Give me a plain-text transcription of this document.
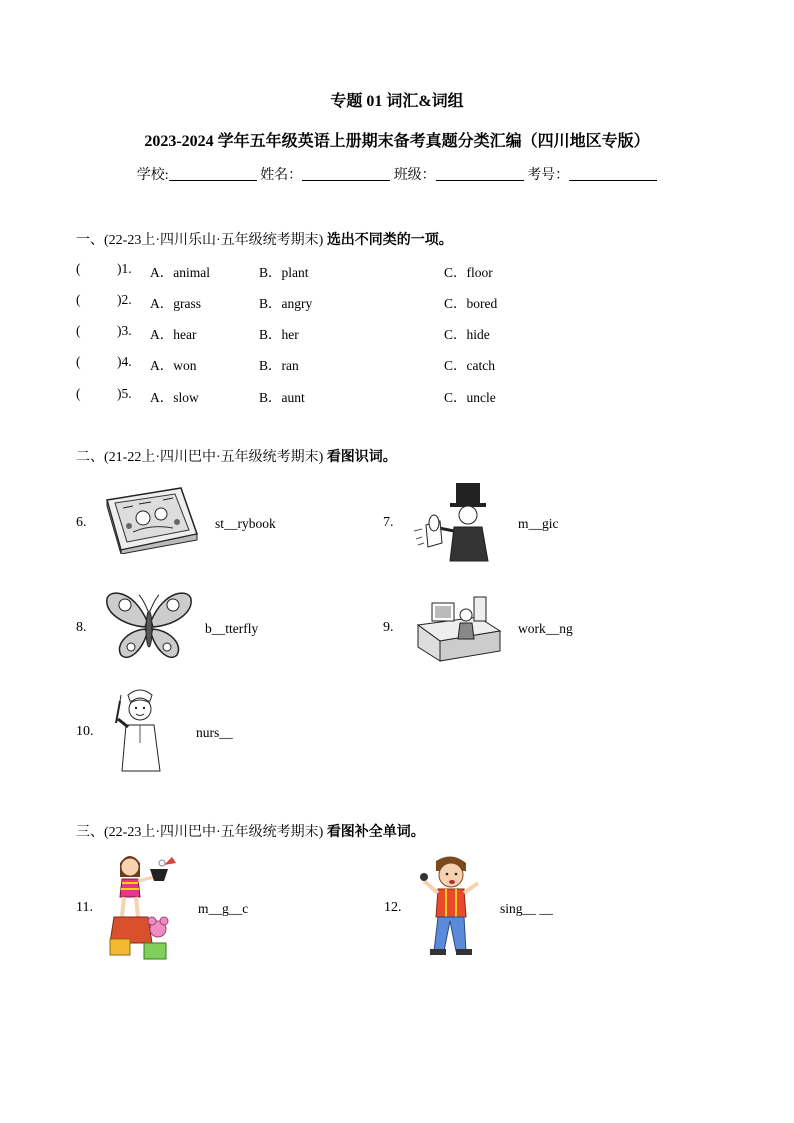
专题 01 词汇&词组
2023-2024 学年五年级英语上册期末备考真题分类汇编（四川地区专版）
学校:	姓名：	班级：	考号：
一、(22-23上·四川乐山·五年级统考期末) 选出不同类的一项。
(	)1. A．animal	B．plant	C．floor
(	)2. A．grass	B．angry	C．bored
(	)3. A．hear	B．her	C．hide
(	)4. A．won	B．ran	C．catch
(	)5. A．slow	B．aunt	C．uncle
二、(21-22上·四川巴中·五年级统考期末) 看图识词。
6.	st__rybook	7.	m__gic
8.	b__tterfly	9.	work__ng
10.	nurs__
三、(22-23上·四川巴中·五年级统考期末) 看图补全单词。
11.	m__g__c	12.	sing__ __
